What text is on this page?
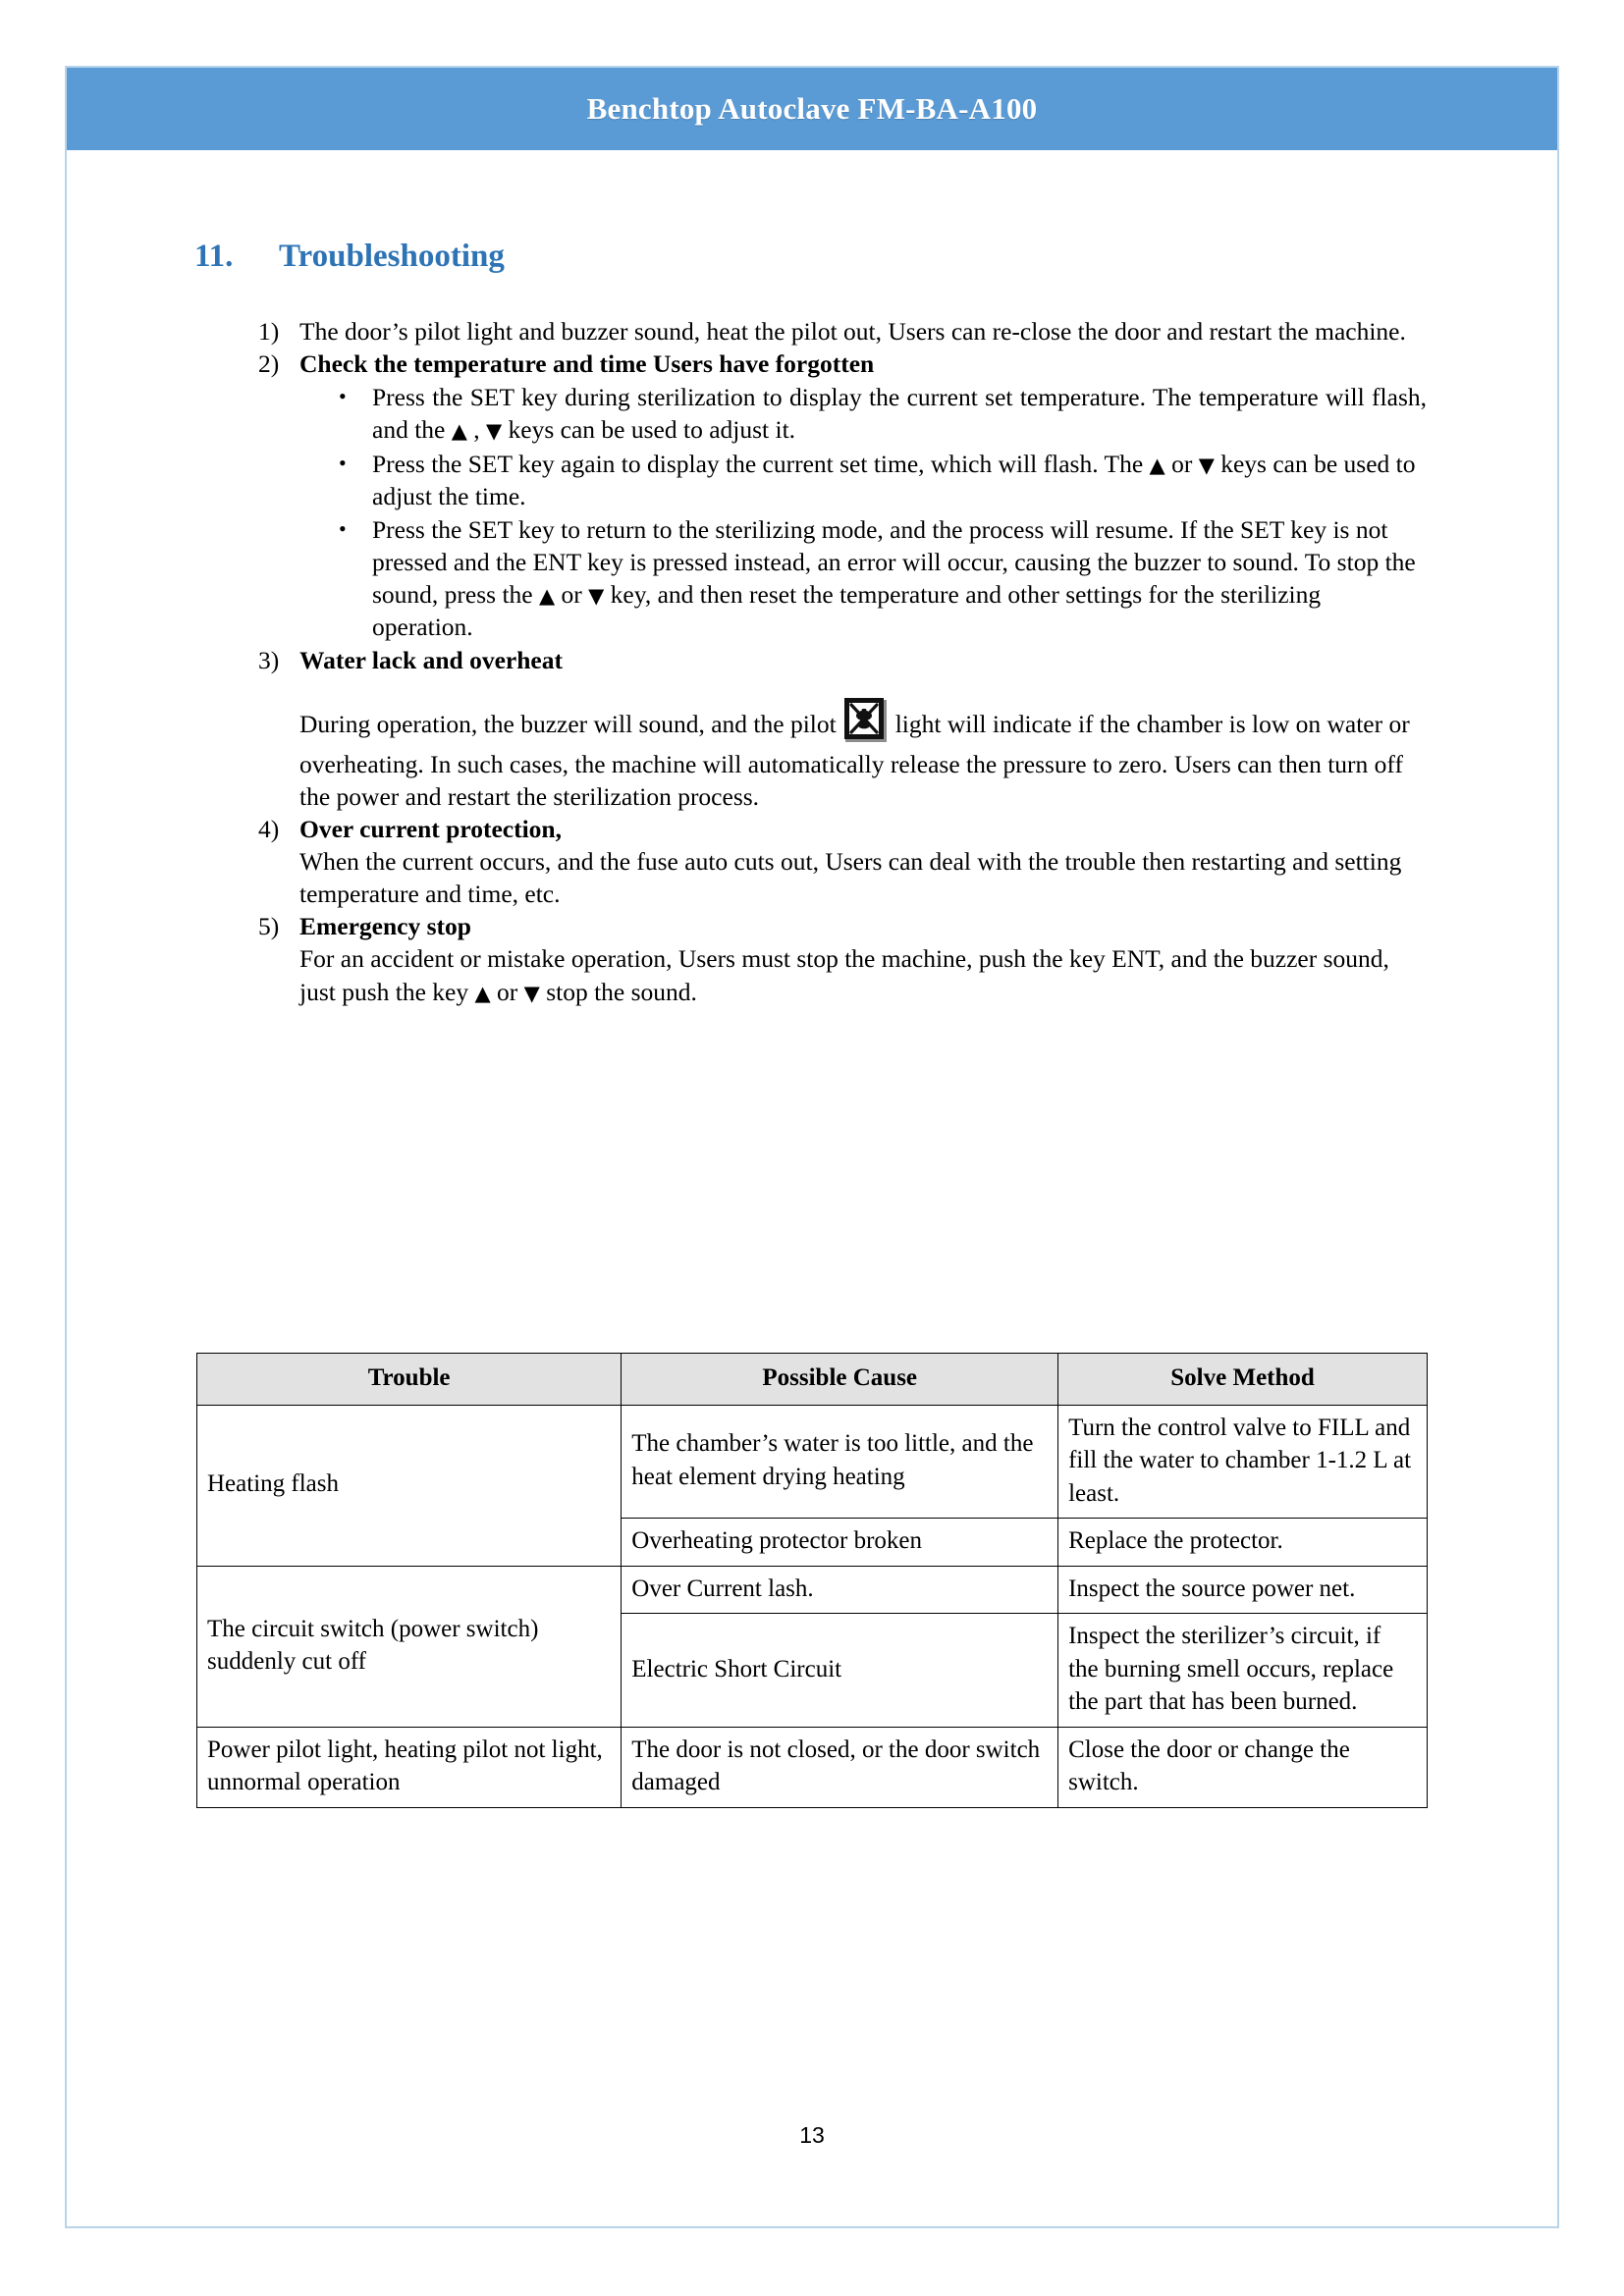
Benchtop Autoclave FM-BA-A100
11.	Troubleshooting
1) The door’s pilot light and buzzer sound, heat the pilot out, Users can re-close the door and restart the machine.
2) Check the temperature and time Users have forgotten
•	Press the SET key during sterilization to display the current set temperature. The temperature will flash, and the ▲ , ▼ keys can be used to adjust it.
•	Press the SET key again to display the current set time, which will flash. The ▲ or ▼ keys can be used to adjust the time.
•	Press the SET key to return to the sterilizing mode, and the process will resume. If the SET key is not pressed and the ENT key is pressed instead, an error will occur, causing the buzzer to sound. To stop the sound, press the ▲ or ▼ key, and then reset the temperature and other settings for the sterilizing operation.
3) Water lack and overheat
During operation, the buzzer will sound, and the pilot light will indicate if the chamber is low on water or overheating. In such cases, the machine will automatically release the pressure to zero. Users can then turn off the power and restart the sterilization process.
4) Over current protection,
When the current occurs, and the fuse auto cuts out, Users can deal with the trouble then restarting and setting temperature and time, etc.
5) Emergency stop
For an accident or mistake operation, Users must stop the machine, push the key ENT, and the buzzer sound, just push the key ▲ or ▼ stop the sound.
Trouble	Possible Cause	Solve Method
Heating flash	The chamber’s water is too little, and the heat element drying heating	Turn the control valve to FILL and fill the water to chamber 1-1.2 L at least.
	Overheating protector broken	Replace the protector.
The circuit switch (power switch) suddenly cut off	Over Current lash.	Inspect the source power net.
	Electric Short Circuit	Inspect the sterilizer’s circuit, if the burning smell occurs, replace the part that has been burned.
Power pilot light, heating pilot not light, unnormal operation	The door is not closed, or the door switch damaged	Close the door or change the switch.
13
